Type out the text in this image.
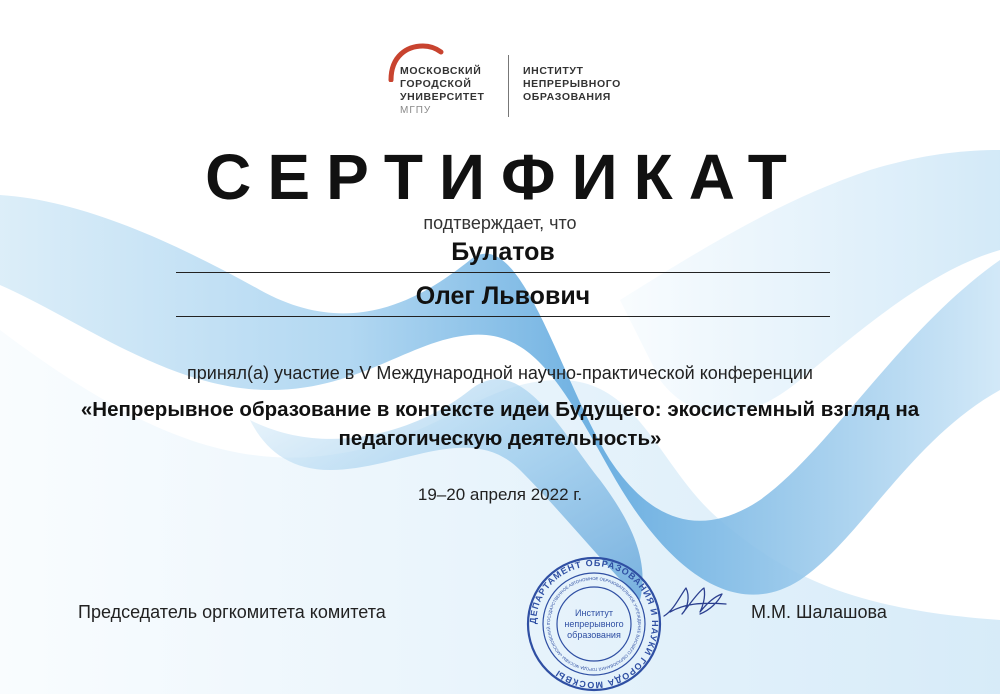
МОСКОВСКИЙ
ГОРОДСКОЙ
УНИВЕРСИТЕТ
МГПУ
ИНСТИТУТ
НЕПРЕРЫВНОГО
ОБРАЗОВАНИЯ
СЕРТИФИКАТ
подтверждает, что
Булатов
Олег Львович
принял(а) участие в V Международной научно-практической конференции
«Непрерывное образование в контексте идеи Будущего: экосистемный взгляд на педагогическую деятельность»
19–20 апреля 2022 г.
Председатель оргкомитета комитета	М.М. Шалашова
ДЕПАРТАМЕНТ ОБРАЗОВАНИЯ И НАУКИ ГОРОДА МОСКВЫ
ГОСУДАРСТВЕННОЕ АВТОНОМНОЕ ОБРАЗОВАТЕЛЬНОЕ УЧРЕЖДЕНИЕ ВЫСШЕГО ОБРАЗОВАНИЯ ГОРОДА МОСКВЫ «МОСКОВСКИЙ Г
Институт
непрерывного
образования
